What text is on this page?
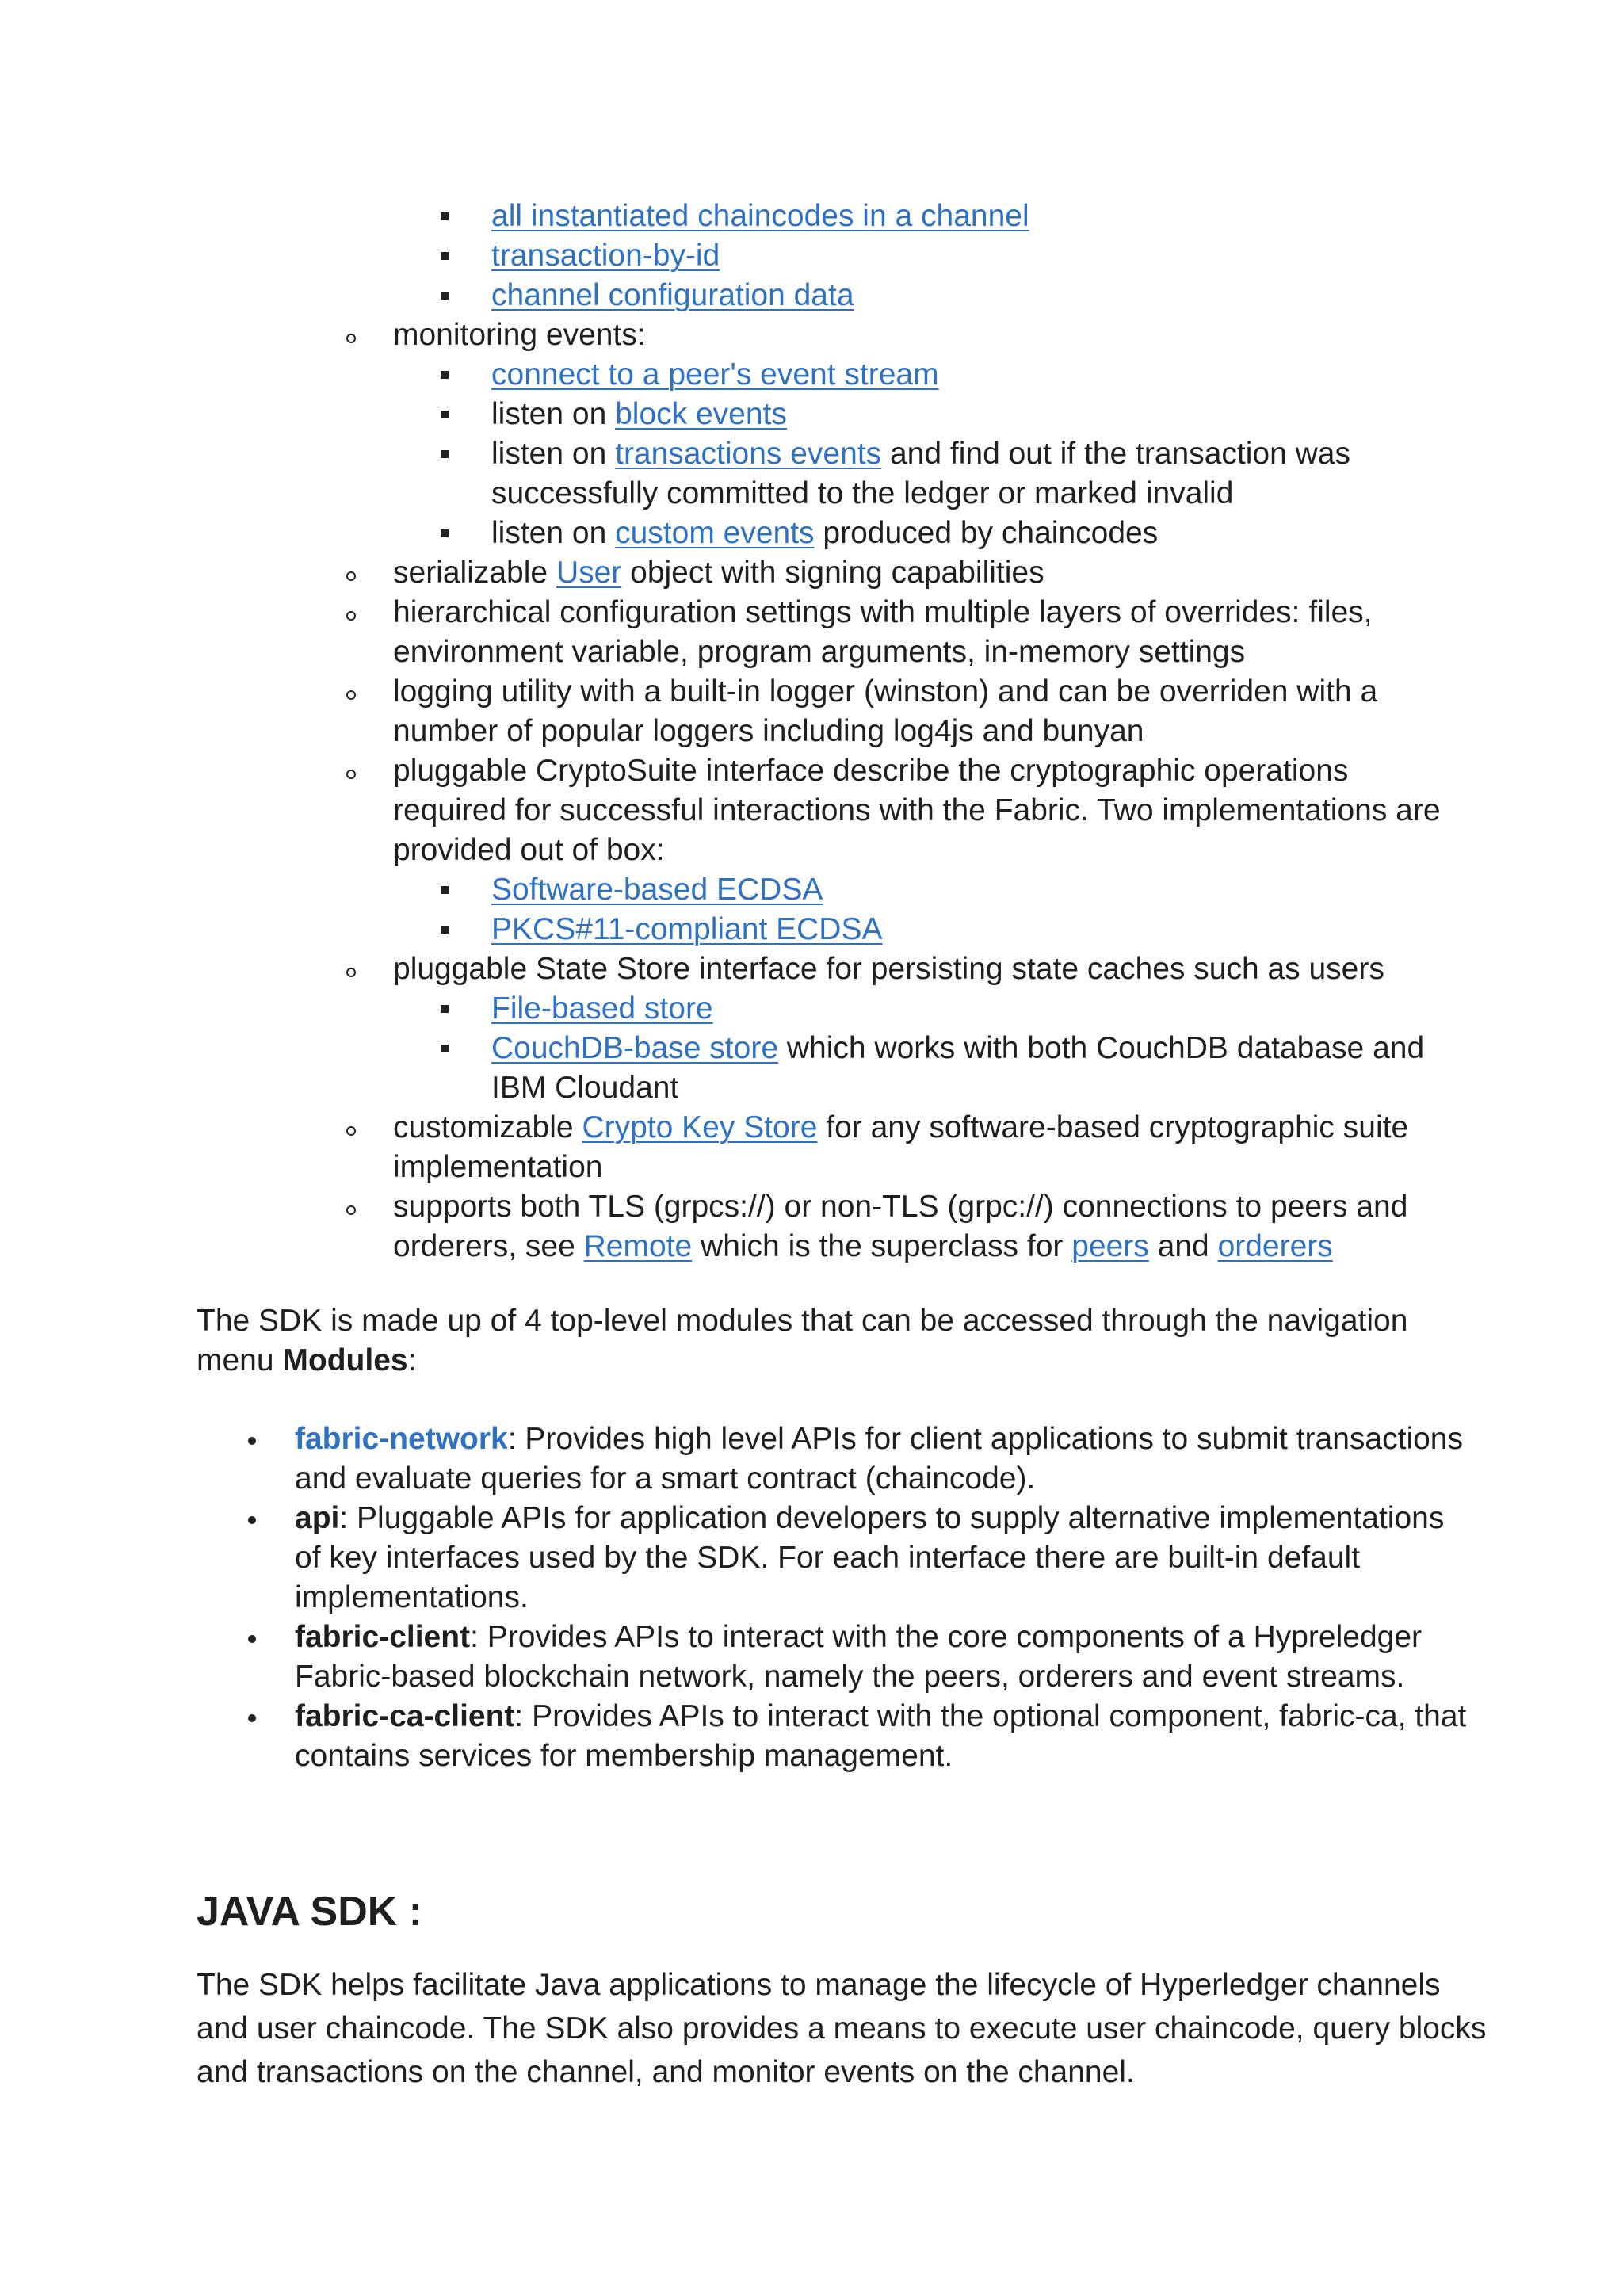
all instantiated chaincodes in a channel
transaction-by-id
channel configuration data
monitoring events:
connect to a peer's event stream
listen on block events
listen on transactions events and find out if the transaction was
successfully committed to the ledger or marked invalid
listen on custom events produced by chaincodes
serializable User object with signing capabilities
hierarchical configuration settings with multiple layers of overrides: files,
environment variable, program arguments, in-memory settings
logging utility with a built-in logger (winston) and can be overriden with a
number of popular loggers including log4js and bunyan
pluggable CryptoSuite interface describe the cryptographic operations
required for successful interactions with the Fabric. Two implementations are
provided out of box:
Software-based ECDSA
PKCS#11-compliant ECDSA
pluggable State Store interface for persisting state caches such as users
File-based store
CouchDB-base store which works with both CouchDB database and
IBM Cloudant
customizable Crypto Key Store for any software-based cryptographic suite
implementation
supports both TLS (grpcs://) or non-TLS (grpc://) connections to peers and
orderers, see Remote which is the superclass for peers and orderers
The SDK is made up of 4 top-level modules that can be accessed through the navigation
menu Modules:
fabric-network: Provides high level APIs for client applications to submit transactions
and evaluate queries for a smart contract (chaincode).
api: Pluggable APIs for application developers to supply alternative implementations
of key interfaces used by the SDK. For each interface there are built-in default
implementations.
fabric-client: Provides APIs to interact with the core components of a Hypreledger
Fabric-based blockchain network, namely the peers, orderers and event streams.
fabric-ca-client: Provides APIs to interact with the optional component, fabric-ca, that
contains services for membership management.
JAVA SDK :
The SDK helps facilitate Java applications to manage the lifecycle of Hyperledger channels
and user chaincode. The SDK also provides a means to execute user chaincode, query blocks
and transactions on the channel, and monitor events on the channel.
